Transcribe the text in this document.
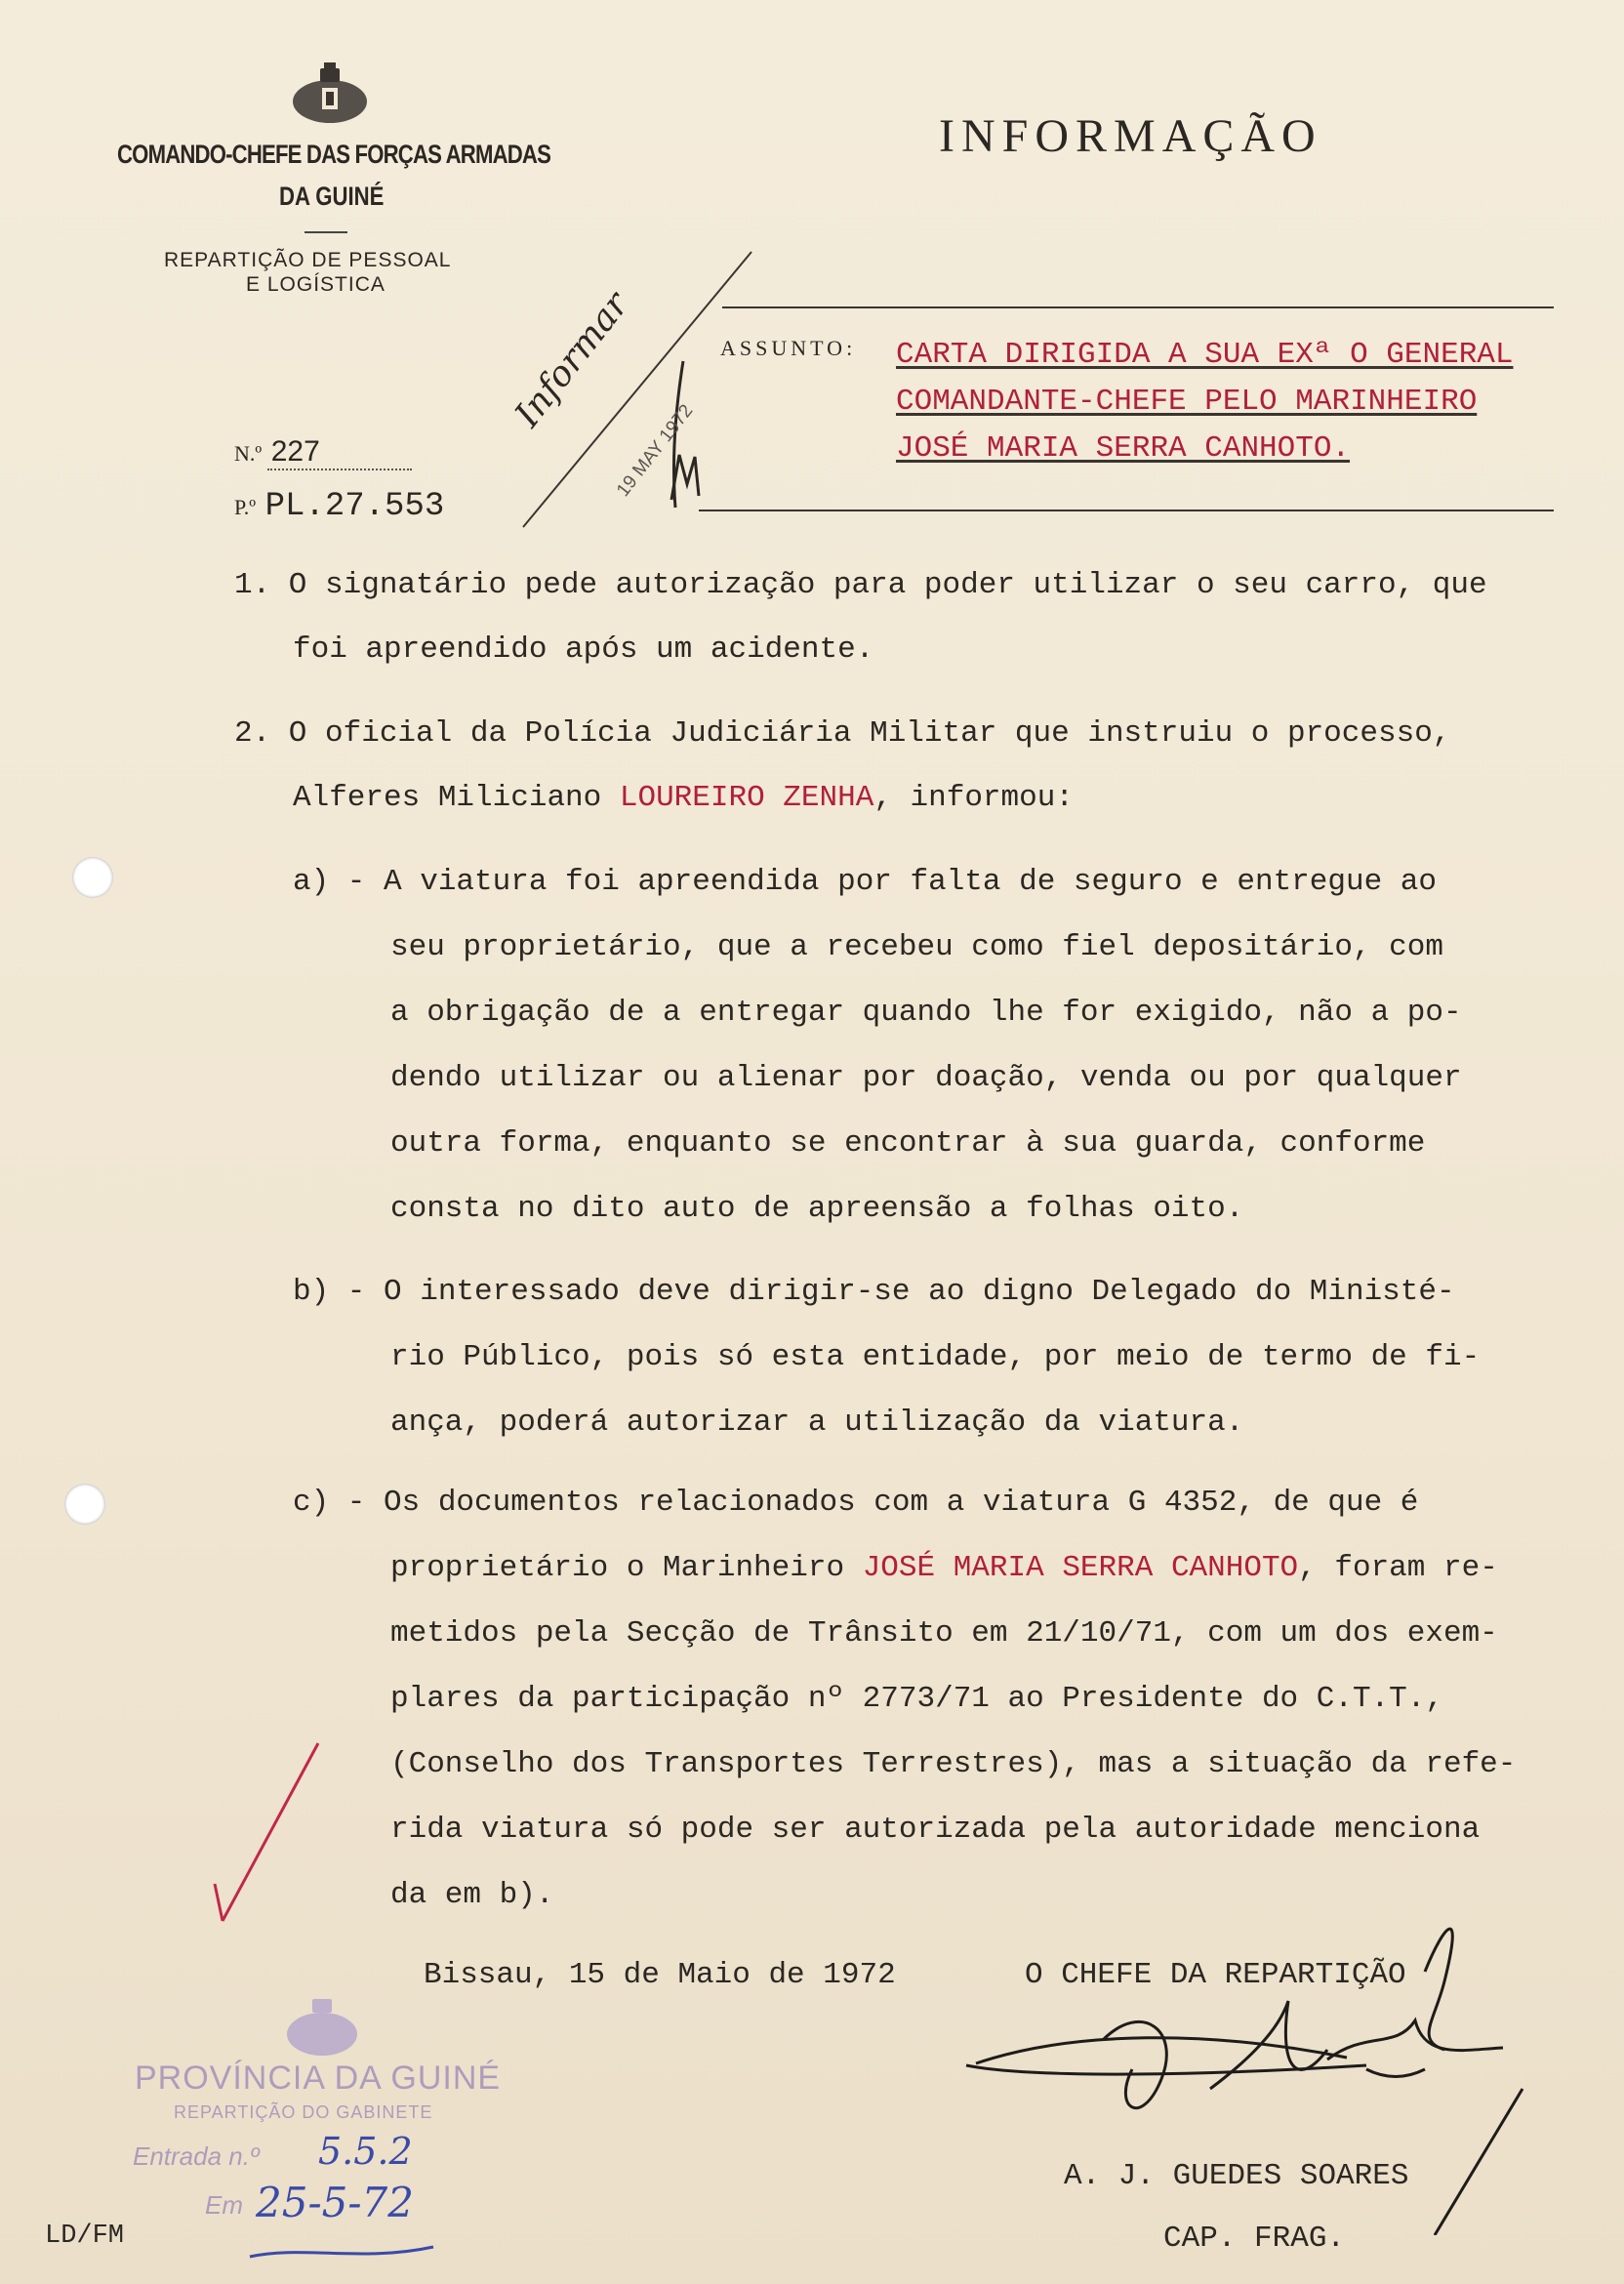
COMANDO-CHEFE DAS FORÇAS ARMADAS
DA GUINÉ
REPARTIÇÃO DE PESSOAL
E LOGÍSTICA
INFORMAÇÃO
Informar
19 MAY 1972
ASSUNTO: CARTA DIRIGIDA A SUA EXª O GENERAL
COMANDANTE-CHEFE PELO MARINHEIRO
JOSÉ MARIA SERRA CANHOTO.
N.º 227
P.º PL.27.553
1. O signatário pede autorização para poder utilizar o seu carro, que
foi apreendido após um acidente.
2. O oficial da Polícia Judiciária Militar que instruiu o processo,
Alferes Miliciano LOUREIRO ZENHA, informou:
a) - A viatura foi apreendida por falta de seguro e entregue ao
seu proprietário, que a recebeu como fiel depositário, com
a obrigação de a entregar quando lhe for exigido, não a po-
dendo utilizar ou alienar por doação, venda ou por qualquer
outra forma, enquanto se encontrar à sua guarda, conforme
consta no dito auto de apreensão a folhas oito.
b) - O interessado deve dirigir-se ao digno Delegado do Ministé-
rio Público, pois só esta entidade, por meio de termo de fi-
ança, poderá autorizar a utilização da viatura.
c) - Os documentos relacionados com a viatura G 4352, de que é
proprietário o Marinheiro JOSÉ MARIA SERRA CANHOTO, foram re-
metidos pela Secção de Trânsito em 21/10/71, com um dos exem-
plares da participação nº 2773/71 ao Presidente do C.T.T.,
(Conselho dos Transportes Terrestres), mas a situação da refe-
rida viatura só pode ser autorizada pela autoridade menciona
da em b).
Bissau, 15 de Maio de 1972	O CHEFE DA REPARTIÇÃO
A. J. GUEDES SOARES
CAP. FRAG.
LD/FM
PROVÍNCIA DA GUINÉ
REPARTIÇÃO DO GABINETE
Entrada n.º 5.5.2
Em 25-5-72
